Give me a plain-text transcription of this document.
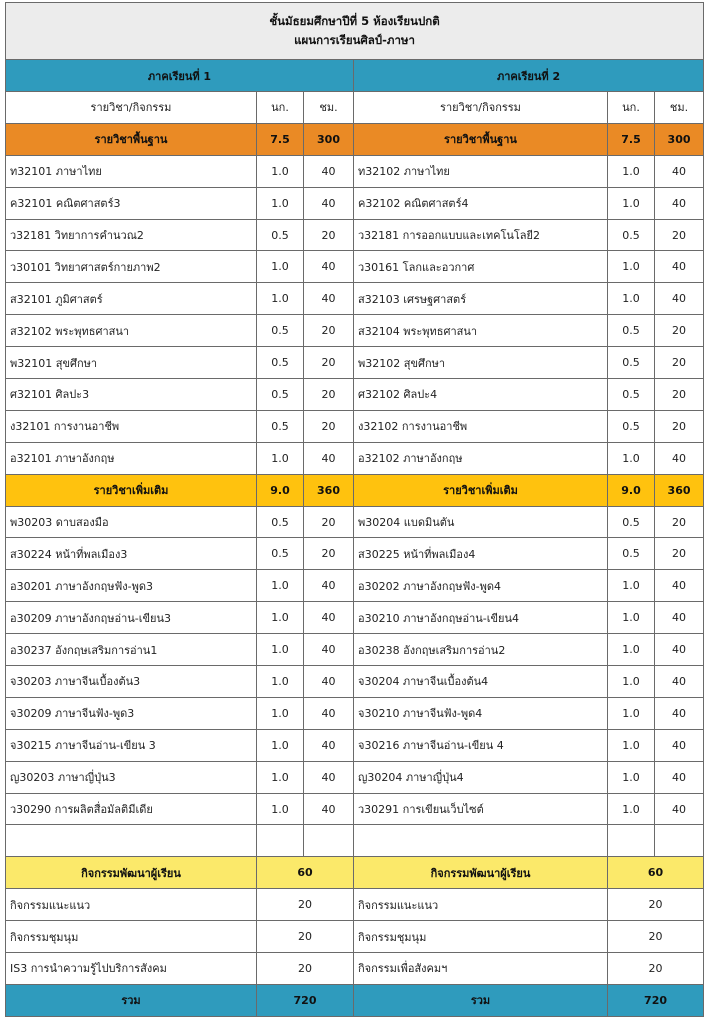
ชั้นมัธยมศึกษาปีที่ 5 ห้องเรียนปกติ
แผนการเรียนศิลป์-ภาษา					

ภาคเรียนที่ 1			ภาคเรียนที่ 2		
รายวิชา/กิจกรรม	นก.	ชม.	รายวิชา/กิจกรรม	นก.	ชม.
รายวิชาพื้นฐาน	7.5	300	รายวิชาพื้นฐาน	7.5	300
ท32101 ภาษาไทย	1.0	40	ท32102 ภาษาไทย	1.0	40
ค32101 คณิตศาสตร์3	1.0	40	ค32102 คณิตศาสตร์4	1.0	40
ว32181 วิทยาการคำนวณ2	0.5	20	ว32181 การออกแบบและเทคโนโลยี2	0.5	20
ว30101 วิทยาศาสตร์กายภาพ2	1.0	40	ว30161 โลกและอวกาศ	1.0	40
ส32101 ภูมิศาสตร์	1.0	40	ส32103 เศรษฐศาสตร์	1.0	40
ส32102 พระพุทธศาสนา	0.5	20	ส32104 พระพุทธศาสนา	0.5	20
พ32101 สุขศึกษา	0.5	20	พ32102 สุขศึกษา	0.5	20
ศ32101 ศิลปะ3	0.5	20	ศ32102 ศิลปะ4	0.5	20
ง32101 การงานอาชีพ	0.5	20	ง32102 การงานอาชีพ	0.5	20
อ32101 ภาษาอังกฤษ	1.0	40	อ32102 ภาษาอังกฤษ	1.0	40
รายวิชาเพิ่มเติม	9.0	360	รายวิชาเพิ่มเติม	9.0	360
พ30203 ดาบสองมือ	0.5	20	พ30204 แบดมินตัน	0.5	20
ส30224 หน้าที่พลเมือง3	0.5	20	ส30225 หน้าที่พลเมือง4	0.5	20
อ30201 ภาษาอังกฤษฟัง-พูด3	1.0	40	อ30202 ภาษาอังกฤษฟัง-พูด4	1.0	40
อ30209 ภาษาอังกฤษอ่าน-เขียน3	1.0	40	อ30210 ภาษาอังกฤษอ่าน-เขียน4	1.0	40
อ30237 อังกฤษเสริมการอ่าน1	1.0	40	อ30238 อังกฤษเสริมการอ่าน2	1.0	40
จ30203 ภาษาจีนเบื้องต้น3	1.0	40	จ30204 ภาษาจีนเบื้องต้น4	1.0	40
จ30209 ภาษาจีนฟัง-พูด3	1.0	40	จ30210 ภาษาจีนฟัง-พูด4	1.0	40
จ30215 ภาษาจีนอ่าน-เขียน 3	1.0	40	จ30216 ภาษาจีนอ่าน-เขียน 4	1.0	40
ญ30203 ภาษาญี่ปุ่น3	1.0	40	ญ30204 ภาษาญี่ปุ่น4	1.0	40
ว30290 การผลิตสื่อมัลติมีเดีย	1.0	40	ว30291 การเขียนเว็บไซต์	1.0	40

กิจกรรมพัฒนาผู้เรียน	60		กิจกรรมพัฒนาผู้เรียน	60	
กิจกรรมแนะแนว	20		กิจกรรมแนะแนว	20	
กิจกรรมชุมนุม	20		กิจกรรมชุมนุม	20	
IS3 การนำความรู้ไปบริการสังคม	20		กิจกรรมเพื่อสังคมฯ	20	
รวม	720		รวม	720	
